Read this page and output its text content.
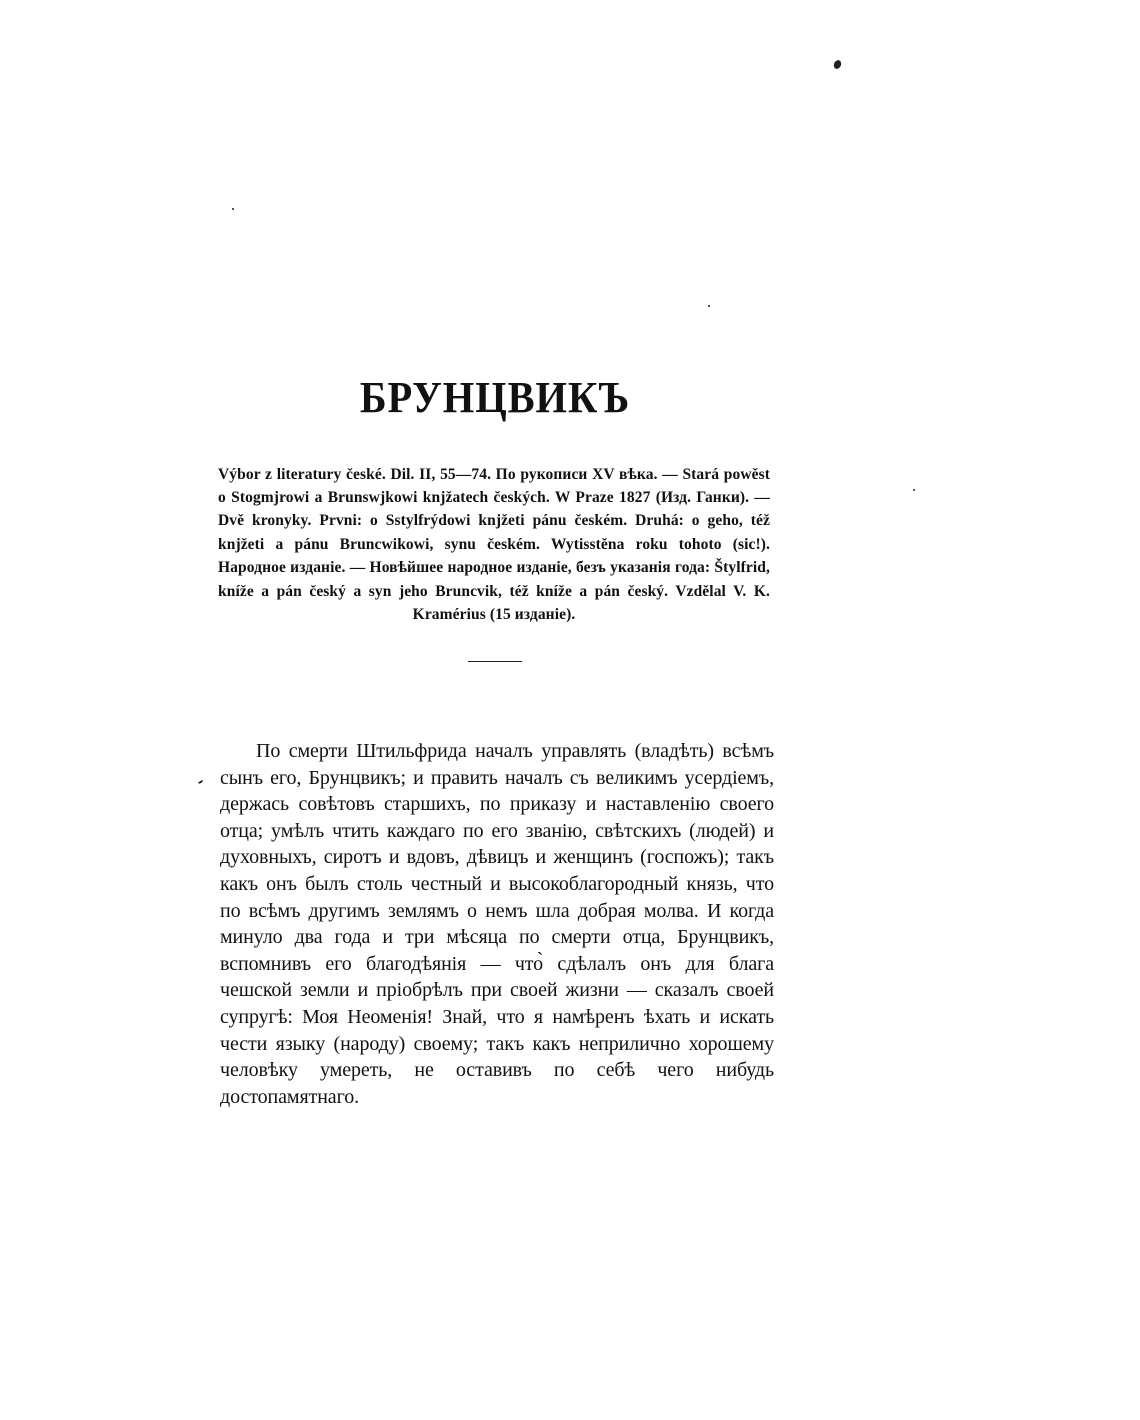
БРУНЦВИКЪ

Výbor z literatury české. Dil. II, 55—74. По рукописи XV вѣка. — Stará powěst o Stogmjrowi a Brunswjkowi knjžatech českých. W Praze 1827 (Изд. Ганки). — Dvě kronyky. Prvni: o Sstylfrýdowi knjžeti pánu českém. Druhá: o geho, též knjžeti a pánu Bruncwikowi, synu českém. Wytisstěna roku tohoto (sic!). Народное изданіе. — Новѣйшее народное изданіе, безъ указанія года: Štylfrid, kníže a pán český a syn jeho Bruncvik, též kníže a pán český. Vzdělal V. K. Kramérius (15 изданіе).

По смерти Штильфрида началъ управлять (владѣть) всѣмъ сынъ его, Брунцвикъ; и править началъ съ великимъ усердіемъ, держась совѣтовъ старшихъ, по приказу и наставленію своего отца; умѣлъ чтить каждаго по его званію, свѣтскихъ (людей) и духовныхъ, сиротъ и вдовъ, дѣвицъ и женщинъ (госпожъ); такъ какъ онъ былъ столь честный и высокоблагородный князь, что по всѣмъ другимъ землямъ о немъ шла добрая молва. И когда минуло два года и три мѣсяца по смерти отца, Брунцвикъ, вспомнивъ его благодѣянія — что̀ сдѣлалъ онъ для блага чешской земли и пріобрѣлъ при своей жизни — сказалъ своей супругѣ: Моя Неоменія! Знай, что я намѣренъ ѣхать и искать чести языку (народу) своему; такъ какъ неприлично хорошему человѣку умереть, не оставивъ по себѣ чего нибудь достопамятнаго.
